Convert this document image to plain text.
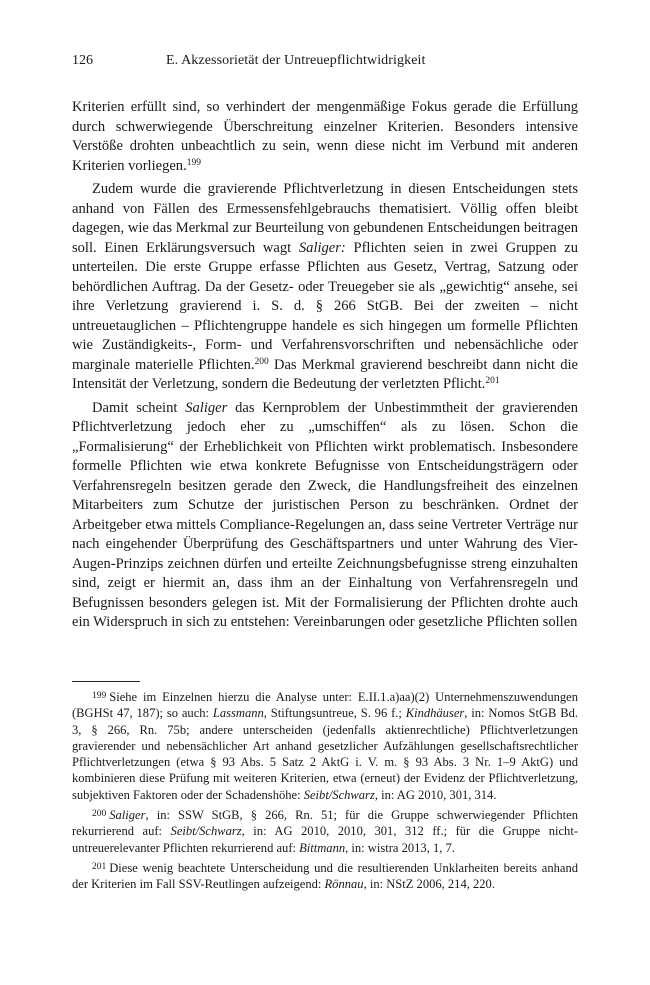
126	E. Akzessorietät der Untreuepflichtwidrigkeit

Kriterien erfüllt sind, so verhindert der mengenmäßige Fokus gerade die Erfüllung durch schwerwiegende Überschreitung einzelner Kriterien. Besonders intensive Verstöße drohten unbeachtlich zu sein, wenn diese nicht im Verbund mit anderen Kriterien vorliegen.$^{199}$

Zudem wurde die gravierende Pflichtverletzung in diesen Entscheidungen stets anhand von Fällen des Ermessensfehlgebrauchs thematisiert. Völlig offen bleibt dagegen, wie das Merkmal zur Beurteilung von gebundenen Entscheidungen beitragen soll. Einen Erklärungsversuch wagt Saliger: Pflichten seien in zwei Gruppen zu unterteilen. Die erste Gruppe erfasse Pflichten aus Gesetz, Vertrag, Satzung oder behördlichen Auftrag. Da der Gesetz- oder Treuegeber sie als „gewichtig“ ansehe, sei ihre Verletzung gravierend i. S. d. § 266 StGB. Bei der zweiten – nicht untreuetauglichen – Pflichtengruppe handele es sich hingegen um formelle Pflichten wie Zuständigkeits-, Form- und Verfahrensvorschriften und nebensächliche oder marginale materielle Pflichten.$^{200}$ Das Merkmal gravierend beschreibt dann nicht die Intensität der Verletzung, sondern die Bedeutung der verletzten Pflicht.$^{201}$

Damit scheint Saliger das Kernproblem der Unbestimmtheit der gravierenden Pflichtverletzung jedoch eher zu „umschiffen“ als zu lösen. Schon die „Formalisierung“ der Erheblichkeit von Pflichten wirkt problematisch. Insbesondere formelle Pflichten wie etwa konkrete Befugnisse von Entscheidungsträgern oder Verfahrensregeln besitzen gerade den Zweck, die Handlungsfreiheit des einzelnen Mitarbeiters zum Schutze der juristischen Person zu beschränken. Ordnet der Arbeitgeber etwa mittels Compliance-Regelungen an, dass seine Vertreter Verträge nur nach eingehender Überprüfung des Geschäftspartners und unter Wahrung des Vier-Augen-Prinzips zeichnen dürfen und erteilte Zeichnungsbefugnisse streng einzuhalten sind, zeigt er hiermit an, dass ihm an der Einhaltung von Verfahrensregeln und Befugnissen besonders gelegen ist. Mit der Formalisierung der Pflichten drohte auch ein Widerspruch in sich zu entstehen: Vereinbarungen oder gesetzliche Pflichten sollen

$^{199}$ Siehe im Einzelnen hierzu die Analyse unter: E.II.1.a)aa)(2) Unternehmenszuwendungen (BGHSt 47, 187); so auch: Lassmann, Stiftungsuntreue, S. 96 f.; Kindhäuser, in: Nomos StGB Bd. 3, § 266, Rn. 75b; andere unterscheiden (jedenfalls aktienrechtliche) Pflichtverletzungen gravierender und nebensächlicher Art anhand gesetzlicher Aufzählungen gesellschaftsrechtlicher Pflichtverletzungen (etwa § 93 Abs. 5 Satz 2 AktG i. V. m. § 93 Abs. 3 Nr. 1–9 AktG) und kombinieren diese Prüfung mit weiteren Kriterien, etwa (erneut) der Evidenz der Pflichtverletzung, subjektiven Faktoren oder der Schadenshöhe: Seibt/Schwarz, in: AG 2010, 301, 314.

$^{200}$ Saliger, in: SSW StGB, § 266, Rn. 51; für die Gruppe schwerwiegender Pflichten rekurrierend auf: Seibt/Schwarz, in: AG 2010, 2010, 301, 312 ff.; für die Gruppe nicht-untreuerelevanter Pflichten rekurrierend auf: Bittmann, in: wistra 2013, 1, 7.

$^{201}$ Diese wenig beachtete Unterscheidung und die resultierenden Unklarheiten bereits anhand der Kriterien im Fall SSV-Reutlingen aufzeigend: Rönnau, in: NStZ 2006, 214, 220.
